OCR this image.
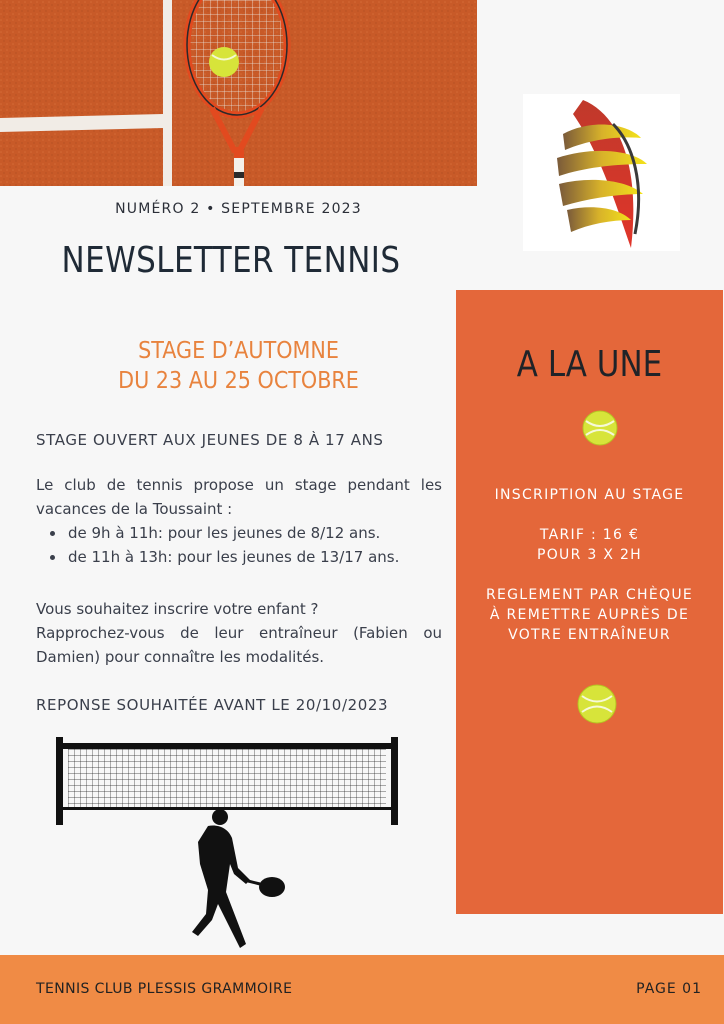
NUMÉRO 2 • SEPTEMBRE 2023
NEWSLETTER TENNIS
STAGE D’AUTOMNE
DU 23 AU 25 OCTOBRE
STAGE OUVERT AUX JEUNES DE 8 À 17 ANS
Le club de tennis propose un stage pendant les vacances de la Toussaint :
• de 9h à 11h: pour les jeunes de 8/12 ans.
• de 11h à 13h: pour les jeunes de 13/17 ans.
Vous souhaitez inscrire votre enfant ?
Rapprochez-vous de leur entraîneur (Fabien ou Damien) pour connaître les modalités.
REPONSE SOUHAITÉE AVANT LE 20/10/2023
A LA UNE
INSCRIPTION AU STAGE
TARIF : 16 €
POUR 3 X 2H
REGLEMENT PAR CHÈQUE
À REMETTRE AUPRÈS DE
VOTRE ENTRAÎNEUR
TENNIS CLUB PLESSIS GRAMMOIRE	PAGE 01
